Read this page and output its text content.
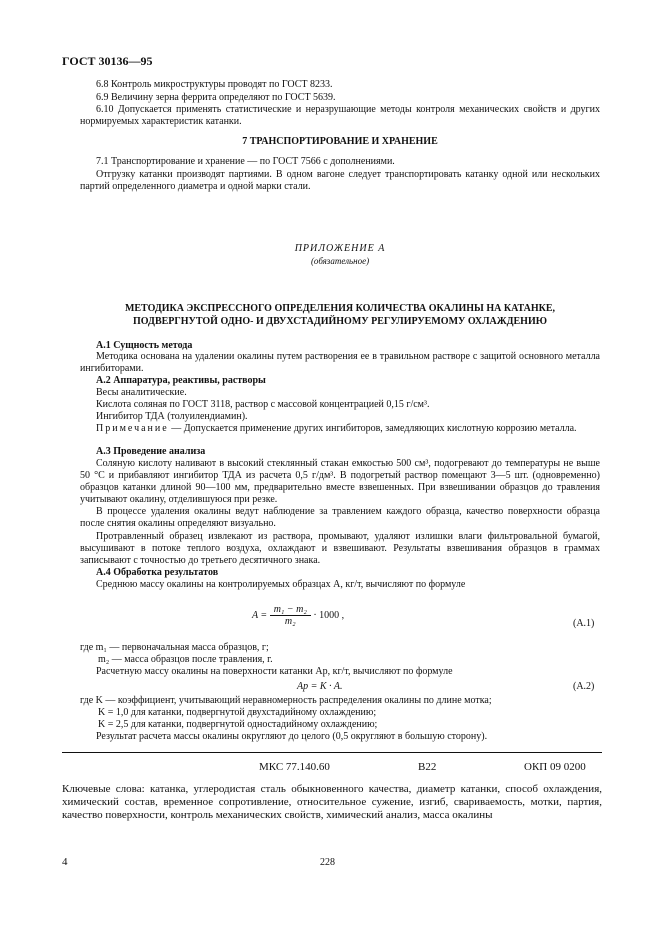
ГОСТ 30136—95
6.8 Контроль микроструктуры проводят по ГОСТ 8233.
6.9 Величину зерна феррита определяют по ГОСТ 5639.
6.10 Допускается применять статистические и неразрушающие методы контроля механических свойств и других нормируемых характеристик катанки.
7 ТРАНСПОРТИРОВАНИЕ И ХРАНЕНИЕ
7.1 Транспортирование и хранение — по ГОСТ 7566 с дополнениями.
Отгрузку катанки производят партиями. В одном вагоне следует транспортировать катанку одной или нескольких партий определенного диаметра и одной марки стали.
ПРИЛОЖЕНИЕ А
(обязательное)
МЕТОДИКА ЭКСПРЕССНОГО ОПРЕДЕЛЕНИЯ КОЛИЧЕСТВА ОКАЛИНЫ НА КАТАНКЕ,
ПОДВЕРГНУТОЙ ОДНО- И ДВУХСТАДИЙНОМУ РЕГУЛИРУЕМОМУ ОХЛАЖДЕНИЮ
А.1 Сущность метода
Методика основана на удалении окалины путем растворения ее в травильном растворе с защитой основного металла ингибиторами.
А.2 Аппаратура, реактивы, растворы
Весы аналитические.
Кислота соляная по ГОСТ 3118, раствор с массовой концентрацией 0,15 г/см³.
Ингибитор ТДА (толуилендиамин).
Примечание — Допускается применение других ингибиторов, замедляющих кислотную коррозию металла.
А.3 Проведение анализа
Соляную кислоту наливают в высокий стеклянный стакан емкостью 500 см³, подогревают до температуры не выше 50 °С и прибавляют ингибитор ТДА из расчета 0,5 г/дм³. В подогретый раствор помещают 3—5 шт. (одновременно) образцов катанки длиной 90—100 мм, предварительно вместе взвешенных. При взвешивании образцов до травления учитывают окалину, отделившуюся при резке.
В процессе удаления окалины ведут наблюдение за травлением каждого образца, качество поверхности образца после снятия окалины определяют визуально.
Протравленный образец извлекают из раствора, промывают, удаляют излишки влаги фильтровальной бумагой, высушивают в потоке теплого воздуха, охлаждают и взвешивают. Результаты взвешивания образцов в граммах записывают с точностью до третьего десятичного знака.
А.4 Обработка результатов
Среднюю массу окалины на контролируемых образцах A, кг/т, вычисляют по формуле
$A = \frac{\text{m₁ − m₂}}{\text{m₂}} \cdot 1000$ ,
(А.1)
где m₁ — первоначальная масса образцов, г;
m₂ — масса образцов после травления, г.
Расчетную массу окалины на поверхности катанки Aр, кг/т, вычисляют по формуле
Aр = K · A.	(А.2)
где K — коэффициент, учитывающий неравномерность распределения окалины по длине мотка;
K = 1,0 для катанки, подвергнутой двухстадийному охлаждению;
K = 2,5 для катанки, подвергнутой одностадийному охлаждению;
Результат расчета массы окалины округляют до целого (0,5 округляют в большую сторону).
МКС 77.140.60	В22	ОКП 09 0200
Ключевые слова: катанка, углеродистая сталь обыкновенного качества, диаметр катанки, способ охлаждения, химический состав, временное сопротивление, относительное сужение, изгиб, свариваемость, мотки, партия, качество поверхности, контроль механических свойств, химический анализ, масса окалины
4	228
